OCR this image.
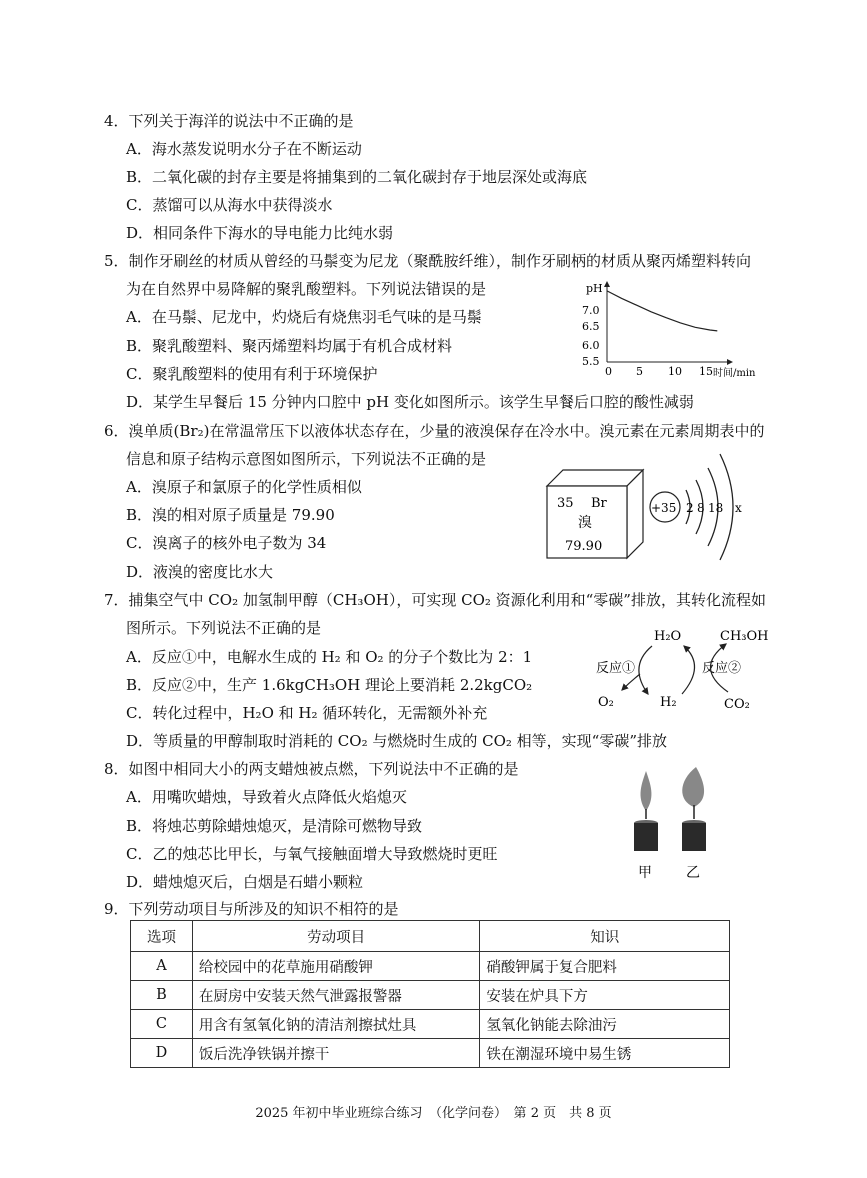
4．下列关于海洋的说法中不正确的是
A．海水蒸发说明水分子在不断运动
B．二氧化碳的封存主要是将捕集到的二氧化碳封存于地层深处或海底
C．蒸馏可以从海水中获得淡水
D．相同条件下海水的导电能力比纯水弱
5．制作牙刷丝的材质从曾经的马鬃变为尼龙（聚酰胺纤维），制作牙刷柄的材质从聚丙烯塑料转向
为在自然界中易降解的聚乳酸塑料。下列说法错误的是
A．在马鬃、尼龙中，灼烧后有烧焦羽毛气味的是马鬃
B．聚乳酸塑料、聚丙烯塑料均属于有机合成材料
C．聚乳酸塑料的使用有利于环境保护
D．某学生早餐后 15 分钟内口腔中 pH 变化如图所示。该学生早餐后口腔的酸性减弱
pH
7.0
6.5
6.0
5.5
0 5 10 15 时间/min
6．溴单质(Br₂)在常温常压下以液体状态存在，少量的液溴保存在冷水中。溴元素在元素周期表中的
信息和原子结构示意图如图所示，下列说法不正确的是
A．溴原子和氯原子的化学性质相似
B．溴的相对原子质量是 79.90
C．溴离子的核外电子数为 34
D．液溴的密度比水大
35 Br
溴
79.90
+35 2 8 18 x
7．捕集空气中 CO₂ 加氢制甲醇（CH₃OH），可实现 CO₂ 资源化利用和“零碳”排放，其转化流程如
图所示。下列说法不正确的是
A．反应①中，电解水生成的 H₂ 和 O₂ 的分子个数比为 2：1
B．反应②中，生产 1.6kgCH₃OH 理论上要消耗 2.2kgCO₂
C．转化过程中，H₂O 和 H₂ 循环转化，无需额外补充
D．等质量的甲醇制取时消耗的 CO₂ 与燃烧时生成的 CO₂ 相等，实现“零碳”排放
H₂O	CH₃OH
反应①	反应②
O₂	H₂	CO₂
8．如图中相同大小的两支蜡烛被点燃，下列说法中不正确的是
A．用嘴吹蜡烛，导致着火点降低火焰熄灭
B．将烛芯剪除蜡烛熄灭，是清除可燃物导致
C．乙的烛芯比甲长，与氧气接触面增大导致燃烧时更旺
D．蜡烛熄灭后，白烟是石蜡小颗粒	甲 乙
9．下列劳动项目与所涉及的知识不相符的是
选项	劳动项目	知识
A	给校园中的花草施用硝酸钾	硝酸钾属于复合肥料
B	在厨房中安装天然气泄露报警器	安装在炉具下方
C	用含有氢氧化钠的清洁剂擦拭灶具	氢氧化钠能去除油污
D	饭后洗净铁锅并擦干	铁在潮湿环境中易生锈
2025 年初中毕业班综合练习　（化学问卷）　第 2 页　共 8 页
